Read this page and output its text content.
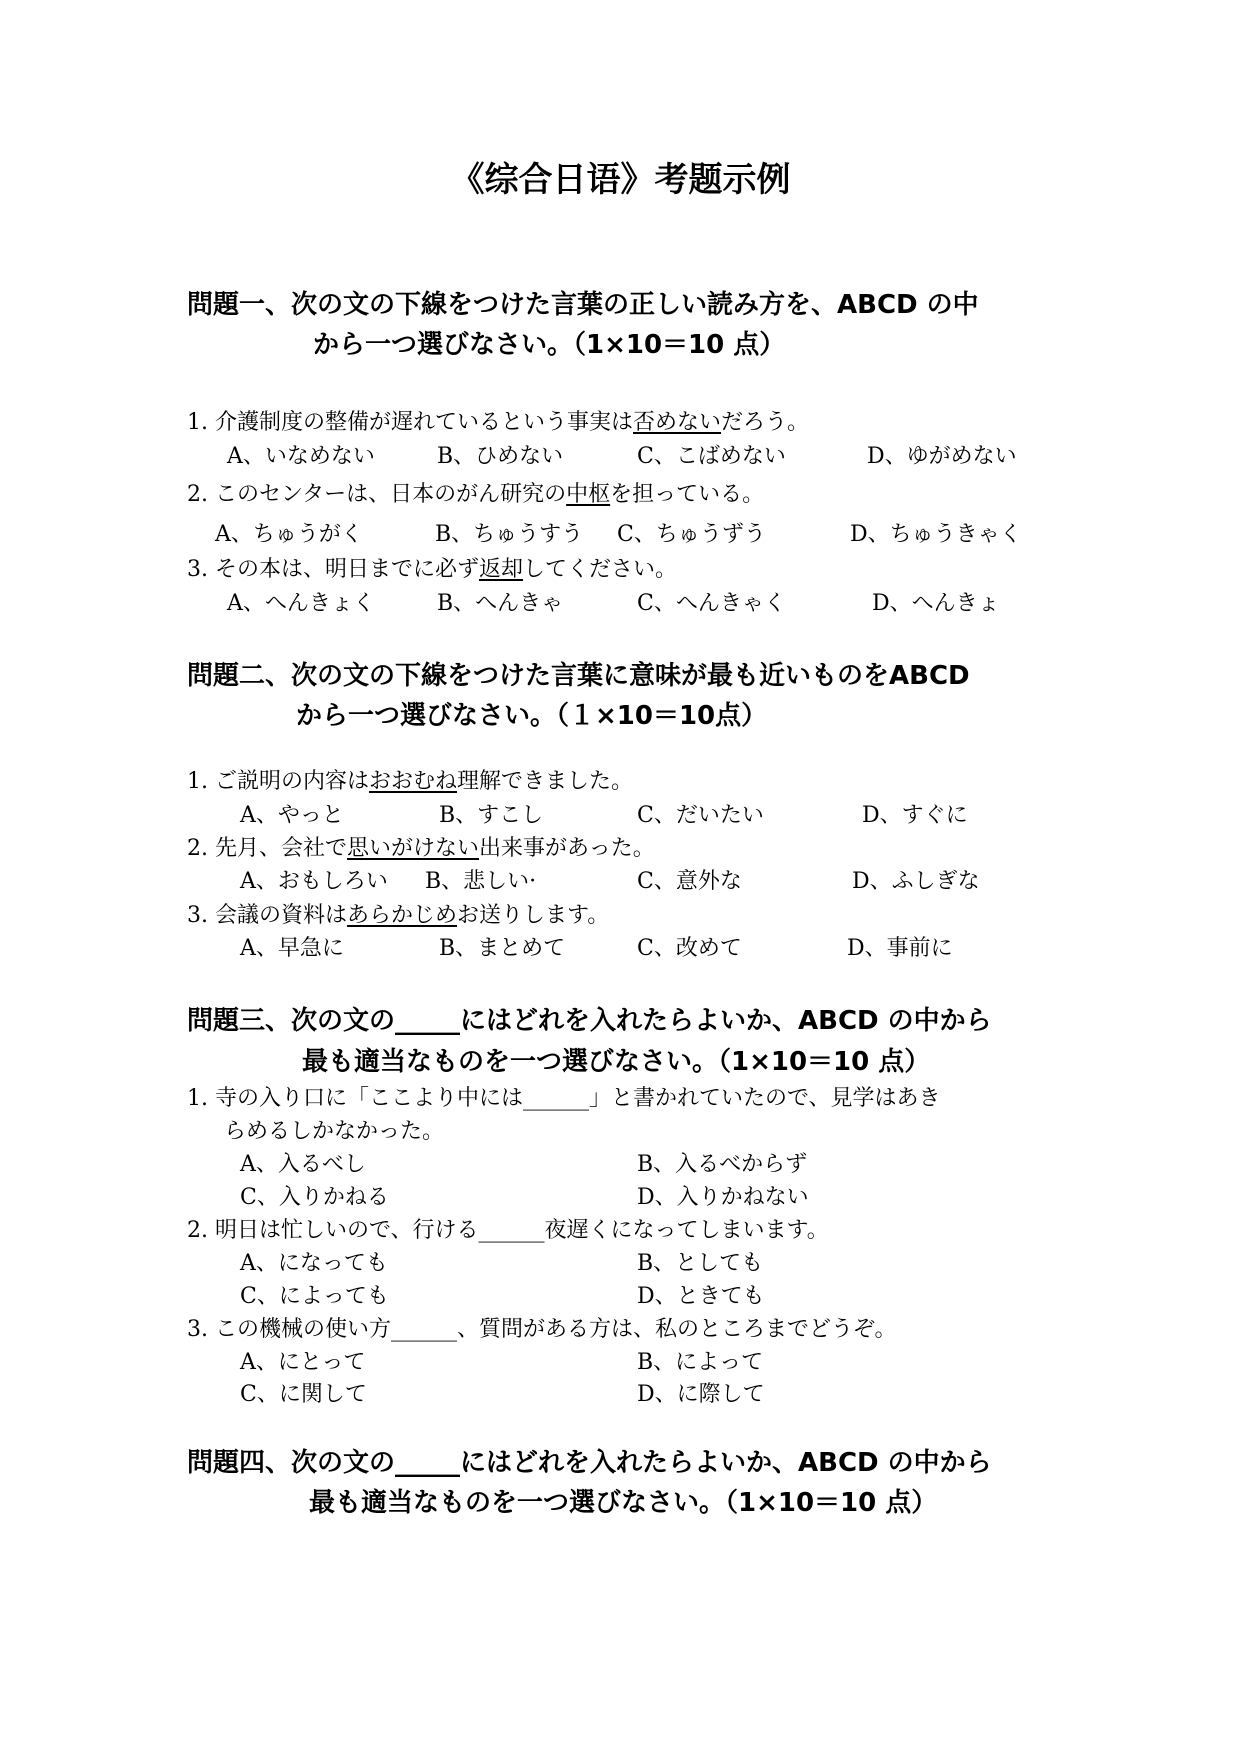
《综合日语》考题示例
問題一、次の文の下線をつけた言葉の正しい読み方を、ABCD の中
から一つ選びなさい。（1×10＝10 点）
1. 介護制度の整備が遅れているという事実は否めないだろう。
A、いなめない	B、ひめない	C、こばめない	D、ゆがめない
2. このセンターは、日本のがん研究の中枢を担っている。
A、ちゅうがく	B、ちゅうすう C、ちゅうずう	D、ちゅうきゃく
3. その本は、明日までに必ず返却してください。
A、へんきょく	B、へんきゃ	C、へんきゃく	D、へんきょ
問題二、次の文の下線をつけた言葉に意味が最も近いものをABCD
から一つ選びなさい。（１×10＝10点）
1. ご説明の内容はおおむね理解できました。
A、やっと	B、すこし	C、だいたい	D、すぐに
2. 先月、会社で思いがけない出来事があった。
A、おもしろい B、悲しい·	C、意外な	D、ふしぎな
3. 会議の資料はあらかじめお送りします。
A、早急に	B、まとめて	C、改めて	D、事前に
問題三、次の文の_____にはどれを入れたらよいか、ABCD の中から
最も適当なものを一つ選びなさい。（1×10＝10 点）
1. 寺の入り口に「ここより中には______」と書かれていたので、見学はあき
らめるしかなかった。
A、入るべし	B、入るべからず
C、入りかねる	D、入りかねない
2. 明日は忙しいので、行ける______夜遅くになってしまいます。
A、になっても	B、としても
C、によっても	D、ときても
3. この機械の使い方______、質問がある方は、私のところまでどうぞ。
A、にとって	B、によって
C、に関して	D、に際して
問題四、次の文の_____にはどれを入れたらよいか、ABCD の中から
最も適当なものを一つ選びなさい。（1×10＝10 点）
